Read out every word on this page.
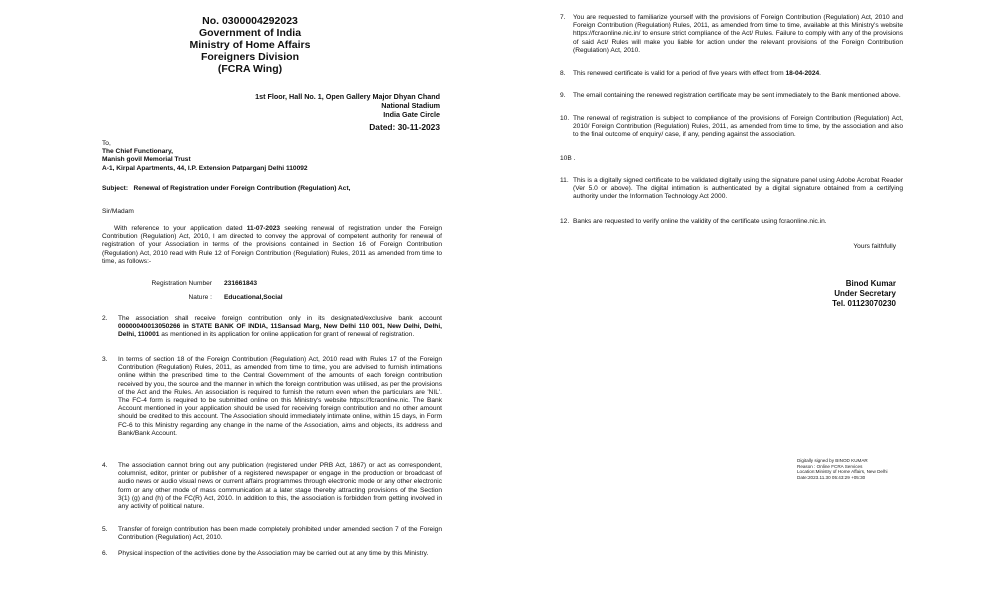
No. 0300004292023
Government of India
Ministry of Home Affairs
Foreigners Division
(FCRA Wing)
1st Floor, Hall No. 1, Open Gallery Major Dhyan Chand
National Stadium
India Gate Circle
Dated: 30-11-2023
To,
The Chief Functionary,
Manish govil Memorial Trust
A-1, Kirpal Apartments, 44, I.P. Extension Patparganj Delhi 110092
Subject: Renewal of Registration under Foreign Contribution (Regulation) Act,
Sir/Madam
With reference to your application dated 11-07-2023 seeking renewal of registration under the Foreign Contribution (Regulation) Act, 2010, I am directed to convey the approval of competent authority for renewal of registration of your Association in terms of the provisions contained in Section 16 of Foreign Contribution (Regulation) Act, 2010 read with Rule 12 of Foreign Contribution (Regulation) Rules, 2011 as amended from time to time, as follows:-
Registration Number 231661843
Nature : Educational,Social
2. The association shall receive foreign contribution only in its designated/exclusive bank account 00000040013050266 in STATE BANK OF INDIA, 11Sansad Marg, New Delhi 110 001, New Delhi, Delhi, Delhi, 110001 as mentioned in its application for online application for grant of renewal of registration.
3. In terms of section 18 of the Foreign Contribution (Regulation) Act, 2010 read with Rules 17 of the Foreign Contribution (Regulation) Rules, 2011, as amended from time to time, you are advised to furnish intimations online within the prescribed time to the Central Government of the amounts of each foreign contribution received by you, the source and the manner in which the foreign contribution was utilised, as per the provisions of the Act and the Rules. An association is required to furnish the return even when the particulars are 'NIL'. The FC-4 form is required to be submitted online on this Ministry's website https://fcraonline.nic. The Bank Account mentioned in your application should be used for receiving foreign contribution and no other amount should be credited to this account. The Association should immediately intimate online, within 15 days, in Form FC-6 to this Ministry regarding any change in the name of the Association, aims and objects, its address and Bank/Bank Account.
4. The association cannot bring out any publication (registered under PRB Act, 1867) or act as correspondent, columnist, editor, printer or publisher of a registered newspaper or engage in the production or broadcast of audio news or audio visual news or current affairs programmes through electronic mode or any other electronic form or any other mode of mass communication at a later stage thereby attracting provisions of the Section 3(1) (g) and (h) of the FC(R) Act, 2010. In addition to this, the association is forbidden from getting involved in any activity of political nature.
5. Transfer of foreign contribution has been made completely prohibited under amended section 7 of the Foreign Contribution (Regulation) Act, 2010.
6. Physical inspection of the activities done by the Association may be carried out at any time by this Ministry.
7. You are requested to familiarize yourself with the provisions of Foreign Contribution (Regulation) Act, 2010 and Foreign Contribution (Regulation) Rules, 2011, as amended from time to time, available at this Ministry's website https://fcraonline.nic.in/ to ensure strict compliance of the Act/ Rules. Failure to comply with any of the provisions of said Act/ Rules will make you liable for action under the relevant provisions of the Foreign Contribution (Regulation) Act, 2010.
8. This renewed certificate is valid for a period of five years with effect from 18-04-2024.
9. The email containing the renewed registration certificate may be sent immediately to the Bank mentioned above.
10. The renewal of registration is subject to compliance of the provisions of Foreign Contribution (Regulation) Act, 2010/ Foreign Contribution (Regulation) Rules, 2011, as amended from time to time, by the association and also to the final outcome of enquiry/ case, if any, pending against the association.
10B .
11. This is a digitally signed certificate to be validated digitally using the signature panel using Adobe Acrobat Reader (Ver 5.0 or above). The digital intimation is authenticated by a digital signature obtained from a certifying authority under the Information Technology Act 2000.
12. Banks are requested to verify online the validity of the certificate using fcraonline.nic.in.
Yours faithfully
Binod Kumar
Under Secretary
Tel. 01123070230
Digitally signed by BINOD KUMAR
Reason : Online FCRA Services
Location:Ministry of Home Affairs, New Delhi
Date:2023.11.30 05:43:29 +05:30
